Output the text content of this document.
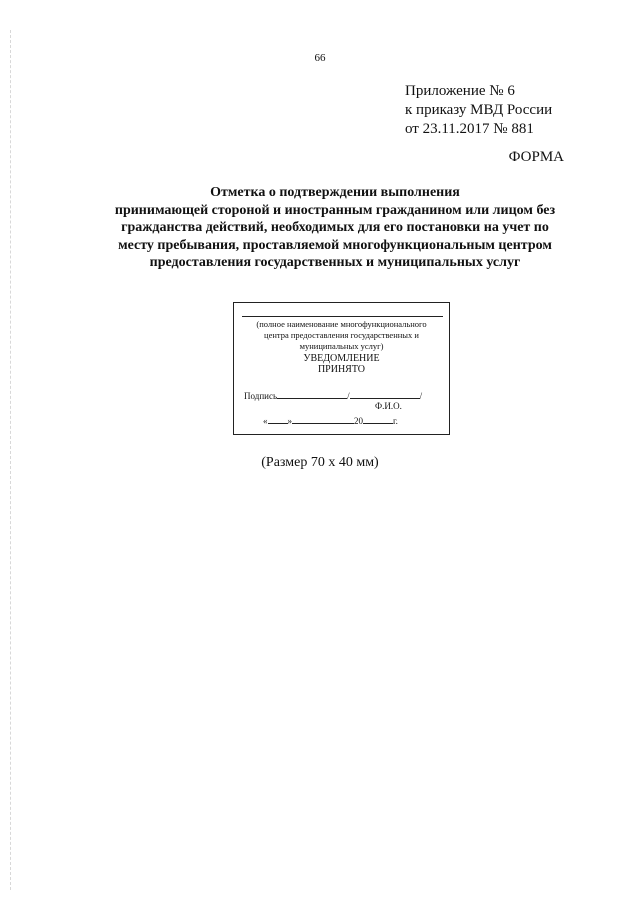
66
Приложение № 6
к приказу МВД России
от 23.11.2017 № 881
ФОРМА
Отметка о подтверждении выполнения
принимающей стороной и иностранным гражданином или лицом без
гражданства действий, необходимых для его постановки на учет по
месту пребывания, проставляемой многофункциональным центром
предоставления государственных и муниципальных услуг
(полное наименование многофункционального
центра предоставления государственных и
муниципальных услуг)
УВЕДОМЛЕНИЕ
ПРИНЯТО
Подпись	/	/
Ф.И.О.
« »	20	г.
(Размер 70 х 40 мм)
